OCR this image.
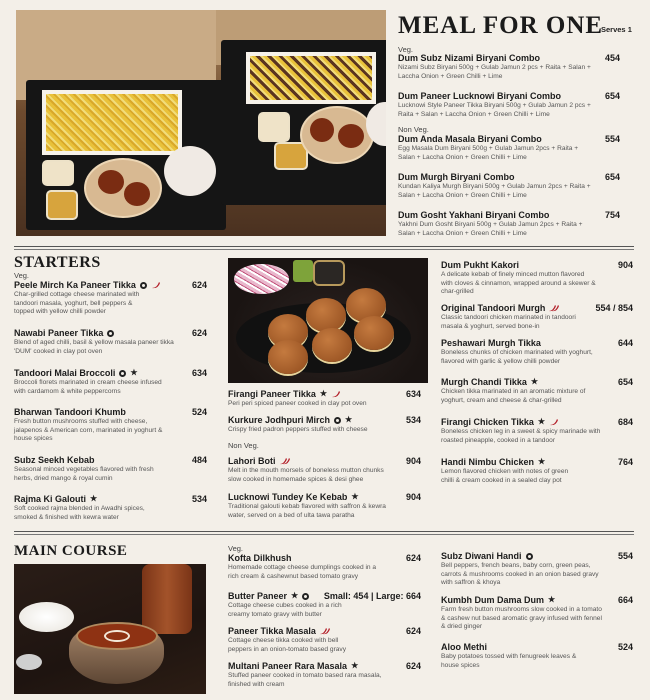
MEAL FOR ONE
Serves 1
Veg.
Dum Subz Nizami Biryani Combo	454
Nizami Subz Biryani 500g + Gulab Jamun 2 pcs + Raita + Salan + Laccha Onion + Green Chilli + Lime
Dum Paneer Lucknowi Biryani Combo	654
Lucknowi Style Paneer Tikka Biryani 500g + Gulab Jamun 2 pcs + Raita + Salan + Laccha Onion + Green Chilli + Lime
Non Veg.
Dum Anda Masala Biryani Combo	554
Egg Masala Dum Biryani 500g + Gulab Jamun 2pcs + Raita + Salan + Laccha Onion + Green Chilli + Lime
Dum Murgh Biryani Combo	654
Kundan Kaliya Murgh Biryani 500g + Gulab Jamun 2pcs + Raita + Salan + Laccha Onion + Green Chilli + Lime
Dum Gosht Yakhani Biryani Combo	754
Yakhni Dum Gosht Biryani 500g + Gulab Jamun 2pcs + Raita + Salan + Laccha Onion + Green Chilli + Lime
STARTERS
Veg.
Peele Mirch Ka Paneer Tikka	624
Char-grilled cottage cheese marinated with tandoori masala, yoghurt, bell peppers & topped with yellow chilli powder
Nawabi Paneer Tikka	624
Blend of aged chilli, basil & yellow masala paneer tikka 'DUM' cooked in clay pot oven
Tandoori Malai Broccoli ★	634
Broccoli florets marinated in cream cheese infused with cardamom & white peppercorns
Bharwan Tandoori Khumb	524
Fresh button mushrooms stuffed with cheese, jalapenos & American corn, marinated in yoghurt & house spices
Subz Seekh Kebab	484
Seasonal minced vegetables flavored with fresh herbs, dried mango & royal cumin
Rajma Ki Galouti ★	534
Soft cooked rajma blended in Awadhi spices, smoked & finished with kewra water
Firangi Paneer Tikka ★	634
Peri peri spiced paneer cooked in clay pot oven
Kurkure Jodhpuri Mirch ★	534
Crispy fried padron peppers stuffed with cheese
Non Veg.
Lahori Boti	904
Melt in the mouth morsels of boneless mutton chunks slow cooked in homemade spices & desi ghee
Lucknowi Tundey Ke Kebab ★	904
Traditional galouti kebab flavored with saffron & kewra water, served on a bed of ulta tawa paratha
Dum Pukht Kakori	904
A delicate kebab of finely minced mutton flavored with cloves & cinnamon, wrapped around a skewer & char-grilled
Original Tandoori Murgh	554 / 854
Classic tandoori chicken marinated in tandoori masala & yoghurt, served bone-in
Peshawari Murgh Tikka	644
Boneless chunks of chicken marinated with yoghurt, flavored with garlic & yellow chilli powder
Murgh Chandi Tikka ★	654
Chicken tikka marinated in an aromatic mixture of yoghurt, cream and cheese & char-grilled
Firangi Chicken Tikka ★	684
Boneless chicken leg in a sweet & spicy marinade with roasted pineapple, cooked in a tandoor
Handi Nimbu Chicken ★	764
Lemon flavored chicken with notes of green chilli & cream cooked in a sealed clay pot
MAIN COURSE	Veg.
Kofta Dilkhush	624
Homemade cottage cheese dumplings cooked in a rich cream & cashewnut based tomato gravy
Butter Paneer ★	Small: 454 | Large: 664
Cottage cheese cubes cooked in a rich creamy tomato gravy with butter
Paneer Tikka Masala	624
Cottage cheese tikka cooked with bell peppers in an onion-tomato based gravy
Multani Paneer Rara Masala ★	624
Stuffed paneer cooked in tomato based rara masala, finished with cream
Subz Diwani Handi	554
Bell peppers, french beans, baby corn, green peas, carrots & mushrooms cooked in an onion based gravy with saffron & khoya
Kumbh Dum Dama Dum ★	664
Farm fresh button mushrooms slow cooked in a tomato & cashew nut based aromatic gravy infused with fennel & dried ginger
Aloo Methi	524
Baby potatoes tossed with fenugreek leaves & house spices
